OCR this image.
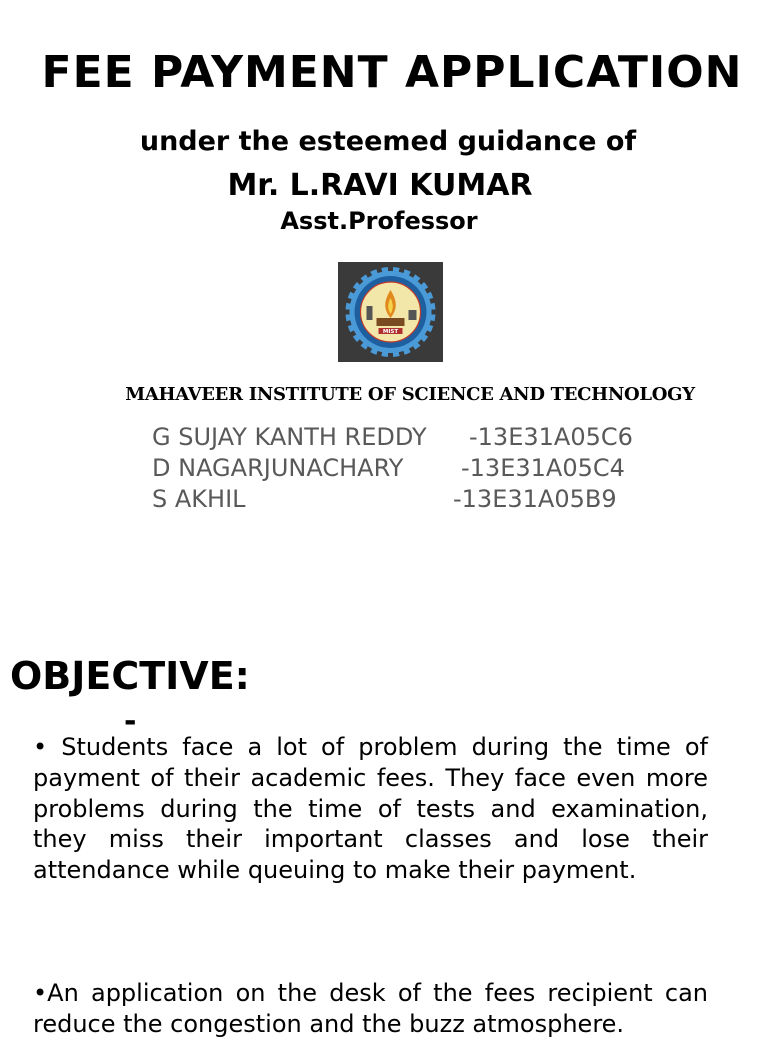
FEE PAYMENT APPLICATION
under the esteemed guidance of
Mr. L.RAVI KUMAR
Asst.Professor
MIST
MAHAVEER INSTITUTE OF SCIENCE AND TECHNOLOGY

G SUJAY KANTH REDDY

-13E31A05C6

D NAGARJUNACHARY

-13E31A05C4

S AKHIL

	-13E31A05B9

OBJECTIVE:
-
• Students face a lot of problem during the time of payment of their academic fees. They face even more problems during the time of tests and examination, they miss their important classes and lose their attendance while queuing to make their payment.
•An application on the desk of the fees recipient can reduce the congestion and the buzz atmosphere.
